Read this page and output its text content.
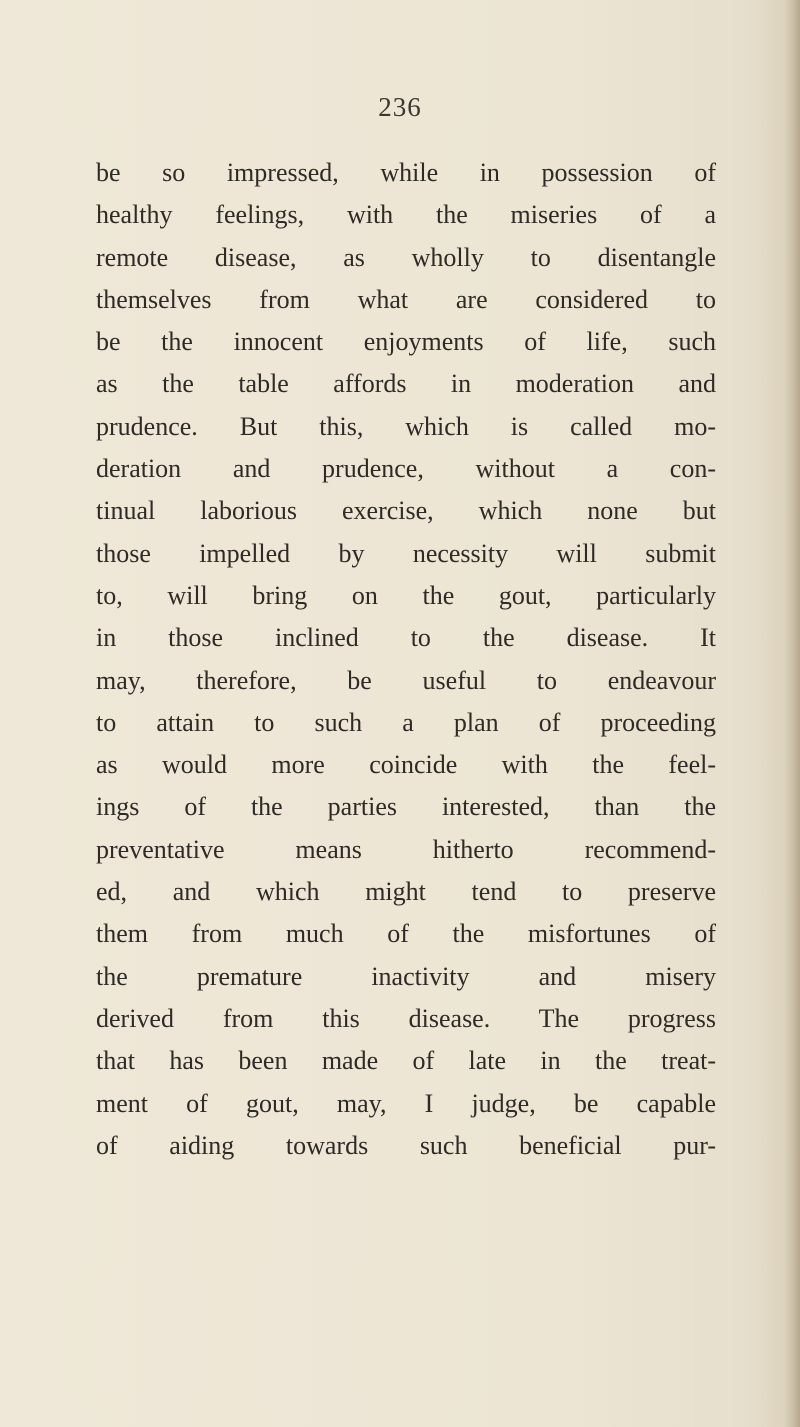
236
be so impressed, while in possession of
healthy feelings, with the miseries of a
remote disease, as wholly to disentangle
themselves from what are considered to
be the innocent enjoyments of life, such
as the table affords in moderation and
prudence. But this, which is called mo-
deration and prudence, without a con-
tinual laborious exercise, which none but
those impelled by necessity will submit
to, will bring on the gout, particularly
in those inclined to the disease. It
may, therefore, be useful to endeavour
to attain to such a plan of proceeding
as would more coincide with the feel-
ings of the parties interested, than the
preventative means hitherto recommend-
ed, and which might tend to preserve
them from much of the misfortunes of
the premature inactivity and misery
derived from this disease. The progress
that has been made of late in the treat-
ment of gout, may, I judge, be capable
of aiding towards such beneficial pur-
